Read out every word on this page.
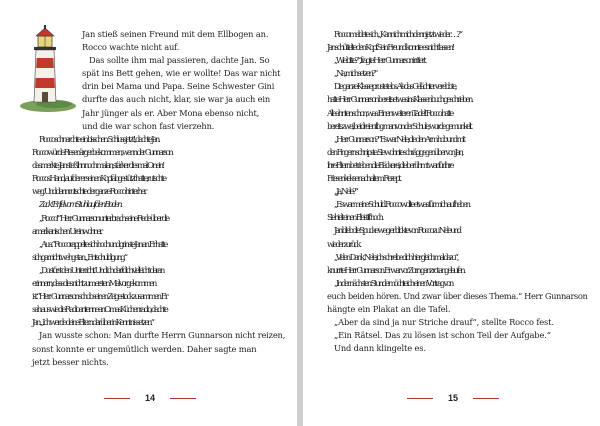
Jan stieß seinen Freund mit dem Ellbogen an.

Rocco wachte nicht auf.

Das sollte ihm mal passieren, dachte Jan. So

spät ins Bett gehen, wie er wollte! Das war nicht

drin bei Mama und Papa. Seine Schwester Gini

durfte das auch nicht, klar, sie war ja auch ein

Jahr jünger als er. Aber Mona ebenso nicht,

und die war schon fast vierzehn.

Rocco schnarchte ein bisschen. Schluss jetzt!, dachte Jan.

Rocco würde Riesenärger bekommen, wenn der Gunnarson

das merkte. Jan stieß ihn noch mal an, stärker diesmal. O nein!

Roccos Hand, auf der er seinen Kopf abgestützt hatte, rutschte

weg. Und dann rutschte der ganze Rocco hinterher.

Zack! Er fiel vom Stuhl auf den Boden.

„Rocco!“ Herr Gunnarson unterbrach seine Rede über die

amerikanischen Ureinwohner.

„Aua.“ Rocco rappelte sich hoch und grinste Jan an. Er hatte

sich gar nicht wehgetan. „Entschuldigung.“

„Du störst den Unterricht. Und ich darf dich vielleicht daran

erinnern, dass dies nicht zum ersten Mal vorgekommen

ist.“ Herr Gunnarson schob seinen Zeigestock zusammen. Er

sah aus wie die Radioantenne an Omas Küchenradio, dachte

Jan. „Ich werde deine Eltern darüber in Kenntnis setzen.“

Jan wusste schon: Man durfte Herrn Gunnarson nicht reizen,

sonst konnte er ungemütlich werden. Daher sagte man

jetzt besser nichts.

14

Rocco meldete sich. „Kann ich mich denn jetzt wieder …?“

Jan schüttelte den Kopf. Sein Freund konnte es nicht lassen!

„Wie bitte?“, fragte Herr Gunnarson irritiert.

„Na, mich setzen?“

Die ganze Klasse prustete los. Als das Gelächter verebbte,

hatte Herr Gunnarson bereits etwas ins Klassenbuch geschrieben.

Alle ahnten schon, was: Einen weiteren Tadel! Rocco hatte

bereits zwei, bei dreien flog man von der Schule, wurde gemunkelt.

„Herr Gunnarson?“ Es war Nele, die den Arm hob und mit

den Fingern schnipste. Sie wohnte schräg gegenüber von Jan,

ihre Eltern betrieben die Bäckerei, die berühmt war für ihre

Friesenkekse nach altem Rezept.

„Ja, Nele?“

„Es war meine Schuld. Rocco wollte etwas für mich aufheben.

Sie hielt einen Bleistift hoch.

Jan blieb die Spucke weg, er blickte von Rocco zu Nele und

wieder zurück.

„Vielen Dank, Nele, ich schreibe dich hier gleich mal dazu“,

knurrte Herr Gunnarson. Er war vor Zorn ganz rot angelaufen.

„In der nächsten Stunde möchte ich einen Vortrag von

euch beiden hören. Und zwar über dieses Thema.“ Herr Gunnarson

hängte ein Plakat an die Tafel.

„Aber da sind ja nur Striche drauf“, stellte Rocco fest.

„Ein Rätsel. Das zu lösen ist schon Teil der Aufgabe.“

Und dann klingelte es.

15
